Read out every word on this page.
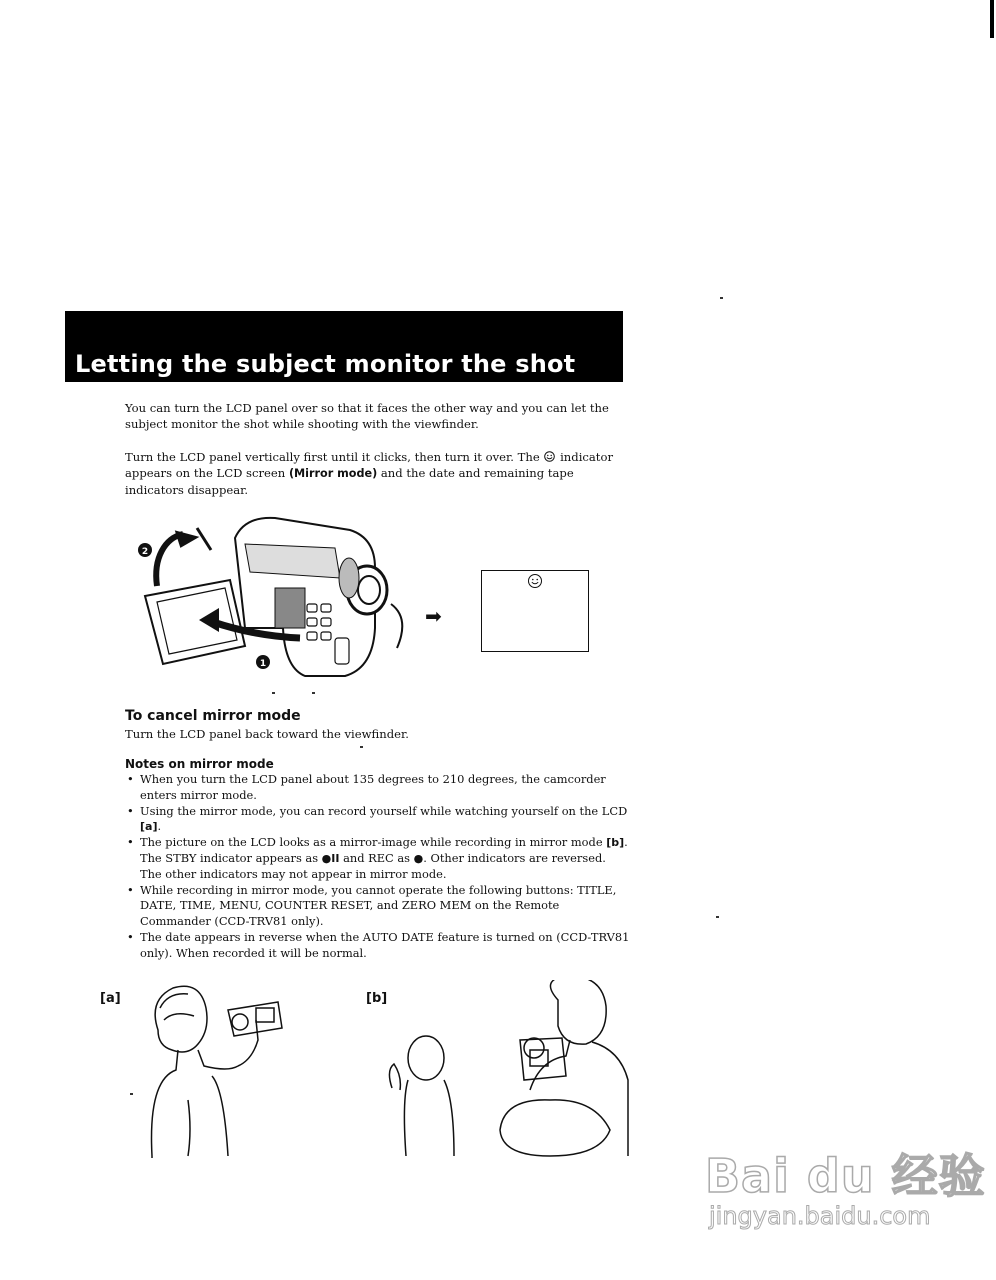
Letting the subject monitor the shot
You can turn the LCD panel over so that it faces the other way and you can let the subject monitor the shot while shooting with the viewfinder.
Turn the LCD panel vertically first until it clicks, then turn it over. The indicator appears on the LCD screen (Mirror mode) and the date and remaining tape indicators disappear.
2
1
➡
To cancel mirror mode
Turn the LCD panel back toward the viewfinder.
Notes on mirror mode
• When you turn the LCD panel about 135 degrees to 210 degrees, the camcorder enters mirror mode.
• Using the mirror mode, you can record yourself while watching yourself on the LCD [a].
• The picture on the LCD looks as a mirror-image while recording in mirror mode [b]. The STBY indicator appears as ●II and REC as ●. Other indicators are reversed. The other indicators may not appear in mirror mode.
• While recording in mirror mode, you cannot operate the following buttons: TITLE, DATE, TIME, MENU, COUNTER RESET, and ZERO MEM on the Remote Commander (CCD-TRV81 only).
• The date appears in reverse when the AUTO DATE feature is turned on (CCD-TRV81 only). When recorded it will be normal.
[a]	[b]
Bai du 经验
jingyan.baidu.com
